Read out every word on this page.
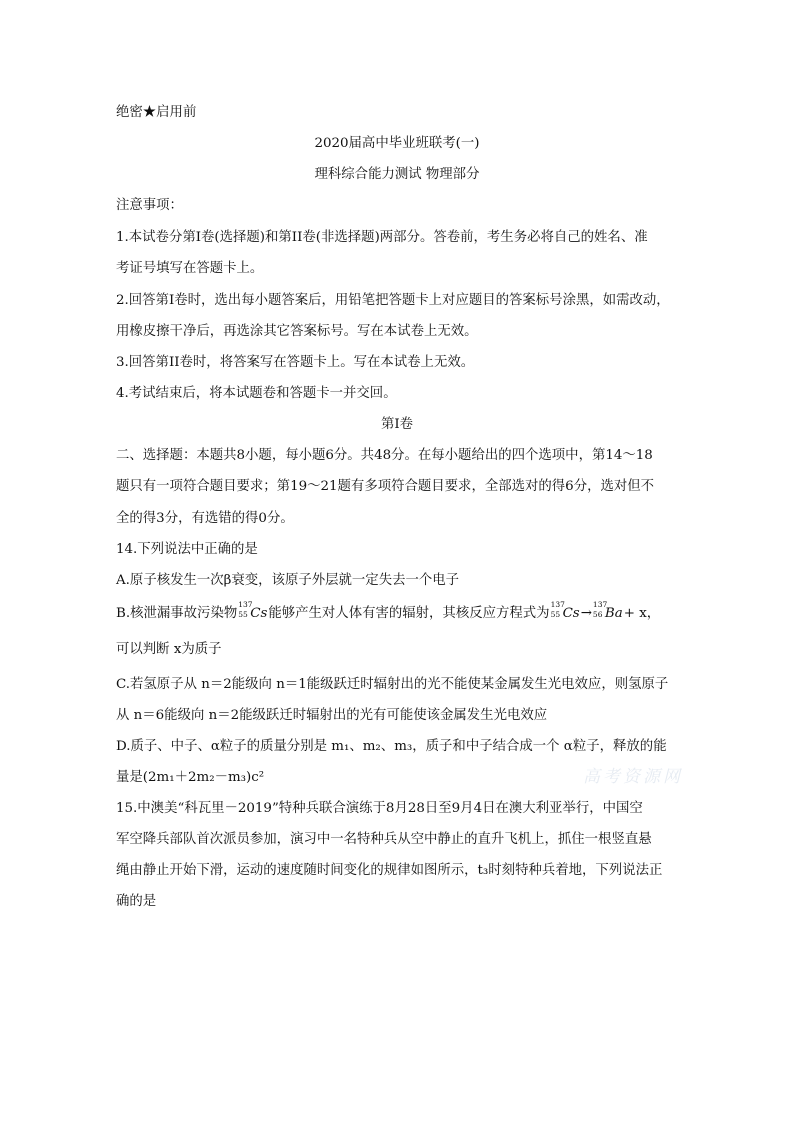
绝密★启用前
2020届高中毕业班联考(一)
理科综合能力测试 物理部分
注意事项：
1.本试卷分第I卷(选择题)和第II卷(非选择题)两部分。答卷前，考生务必将自己的姓名、准
考证号填写在答题卡上。
2.回答第I卷时，选出每小题答案后，用铅笔把答题卡上对应题目的答案标号涂黑，如需改动，
用橡皮擦干净后，再选涂其它答案标号。写在本试卷上无效。
3.回答第II卷时，将答案写在答题卡上。写在本试卷上无效。
4.考试结束后，将本试题卷和答题卡一并交回。
第I卷
二、选择题：本题共8小题，每小题6分。共48分。在每小题给出的四个选项中，第14～18
题只有一项符合题目要求；第19～21题有多项符合题目要求，全部选对的得6分，选对但不
全的得3分，有选错的得0分。
14.下列说法中正确的是
A.原子核发生一次β衰变，该原子外层就一定失去一个电子
B.核泄漏事故污染物
137
55 Cs能够产生对人体有害的辐射，其核反应方程式为
137
55 Cs→
137
56 Ba+ x，
可以判断 x为质子
C.若氢原子从 n＝2能级向 n＝1能级跃迁时辐射出的光不能使某金属发生光电效应，则氢原子
从 n＝6能级向 n＝2能级跃迁时辐射出的光有可能使该金属发生光电效应
D.质子、中子、α粒子的质量分别是 m₁、m₂、m₃，质子和中子结合成一个 α粒子，释放的能
量是(2m₁＋2m₂－m₃)c²	高考资源网
15.中澳美“科瓦里－2019”特种兵联合演练于8月28日至9月4日在澳大利亚举行，中国空
军空降兵部队首次派员参加，演习中一名特种兵从空中静止的直升飞机上，抓住一根竖直悬
绳由静止开始下滑，运动的速度随时间变化的规律如图所示，t₃时刻特种兵着地，下列说法正
确的是
